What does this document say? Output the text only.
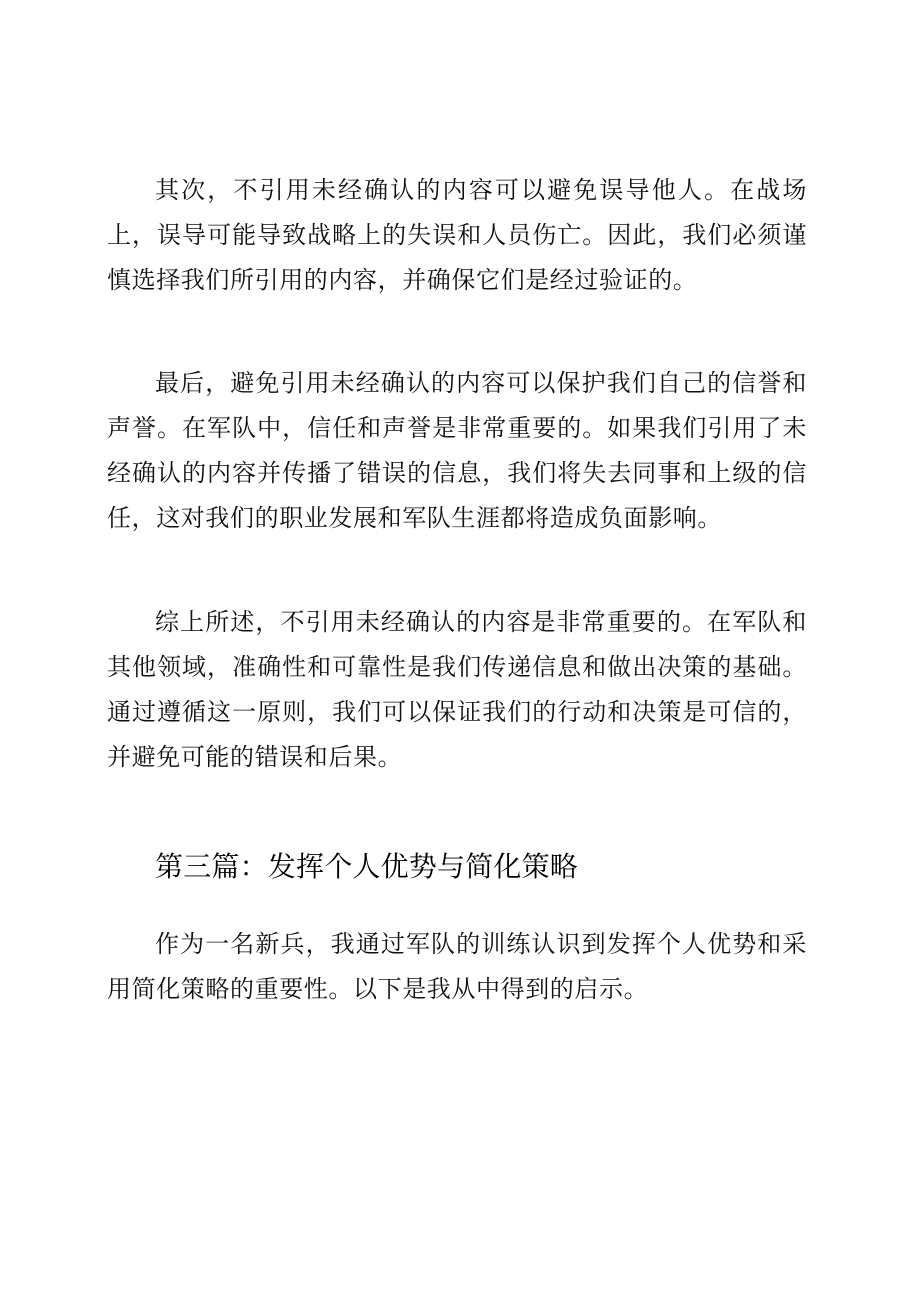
其次，不引用未经确认的内容可以避免误导他人。在战场上，误导可能导致战略上的失误和人员伤亡。因此，我们必须谨慎选择我们所引用的内容，并确保它们是经过验证的。

最后，避免引用未经确认的内容可以保护我们自己的信誉和声誉。在军队中，信任和声誉是非常重要的。如果我们引用了未经确认的内容并传播了错误的信息，我们将失去同事和上级的信任，这对我们的职业发展和军队生涯都将造成负面影响。

综上所述，不引用未经确认的内容是非常重要的。在军队和其他领域，准确性和可靠性是我们传递信息和做出决策的基础。通过遵循这一原则，我们可以保证我们的行动和决策是可信的，并避免可能的错误和后果。

第三篇：发挥个人优势与简化策略

作为一名新兵，我通过军队的训练认识到发挥个人优势和采用简化策略的重要性。以下是我从中得到的启示。
